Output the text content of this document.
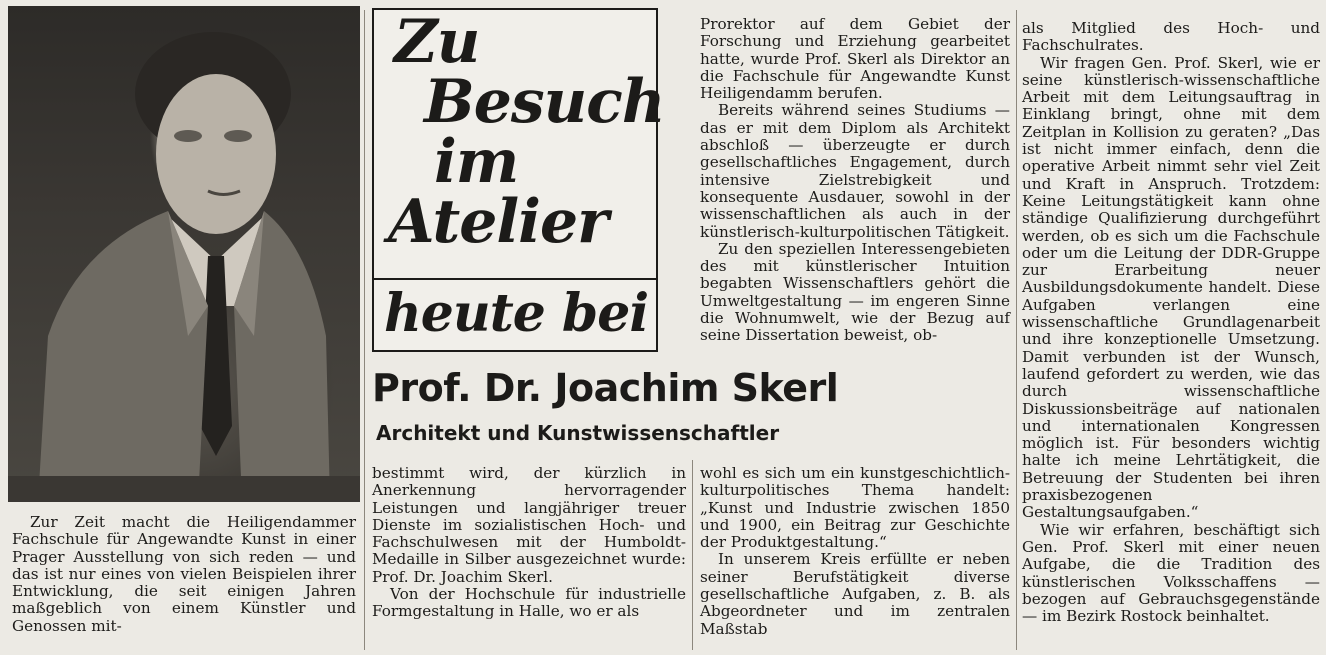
Zu
Besuch
im
Atelier
heute bei
Prof. Dr. Joachim Skerl
Architekt und Kunstwissenschaftler

Zur Zeit macht die Heiligendammer Fachschule für Angewandte Kunst in einer Prager Ausstellung von sich reden — und das ist nur eines von vielen Beispielen ihrer Entwicklung, die seit einigen Jahren maßgeblich von einem Künstler und Genossen mit-

bestimmt wird, der kürzlich in Anerkennung hervorragender Leistungen und langjähriger treuer Dienste im sozialistischen Hoch- und Fachschulwesen mit der Humboldt-Medaille in Silber ausgezeichnet wurde: Prof. Dr. Joachim Skerl.

Von der Hochschule für industrielle Formgestaltung in Halle, wo er als

Prorektor auf dem Gebiet der Forschung und Erziehung gearbeitet hatte, wurde Prof. Skerl als Direktor an die Fachschule für Angewandte Kunst Heiligendamm berufen.

Bereits während seines Studiums — das er mit dem Diplom als Architekt abschloß — überzeugte er durch gesellschaftliches Engagement, durch intensive Zielstrebigkeit und konsequente Ausdauer, sowohl in der wissenschaftlichen als auch in der künstlerisch-kulturpolitischen Tätigkeit.

Zu den speziellen Interessengebieten des mit künstlerischer Intuition begabten Wissenschaftlers gehört die Umweltgestaltung — im engeren Sinne die Wohnumwelt, wie der Bezug auf seine Dissertation beweist, ob-

wohl es sich um ein kunstgeschichtlich-kulturpolitisches Thema handelt: „Kunst und Industrie zwischen 1850 und 1900, ein Beitrag zur Geschichte der Produktgestaltung.“

In unserem Kreis erfüllte er neben seiner Berufstätigkeit diverse gesellschaftliche Aufgaben, z. B. als Abgeordneter und im zentralen Maßstab

als Mitglied des Hoch- und Fachschulrates.

Wir fragen Gen. Prof. Skerl, wie er seine künstlerisch-wissenschaftliche Arbeit mit dem Leitungsauftrag in Einklang bringt, ohne mit dem Zeitplan in Kollision zu geraten? „Das ist nicht immer einfach, denn die operative Arbeit nimmt sehr viel Zeit und Kraft in Anspruch. Trotzdem: Keine Leitungstätigkeit kann ohne ständige Qualifizierung durchgeführt werden, ob es sich um die Fachschule oder um die Leitung der DDR-Gruppe zur Erarbeitung neuer Ausbildungsdokumente handelt. Diese Aufgaben verlangen eine wissenschaftliche Grundlagenarbeit und ihre konzeptionelle Umsetzung. Damit verbunden ist der Wunsch, laufend gefordert zu werden, wie das durch wissenschaftliche Diskussionsbeiträge auf nationalen und internationalen Kongressen möglich ist. Für besonders wichtig halte ich meine Lehrtätigkeit, die Betreuung der Studenten bei ihren praxisbezogenen Gestaltungsaufgaben.“

Wie wir erfahren, beschäftigt sich Gen. Prof. Skerl mit einer neuen Aufgabe, die die Tradition des künstlerischen Volksschaffens — bezogen auf Gebrauchsgegenstände — im Bezirk Rostock beinhaltet.
